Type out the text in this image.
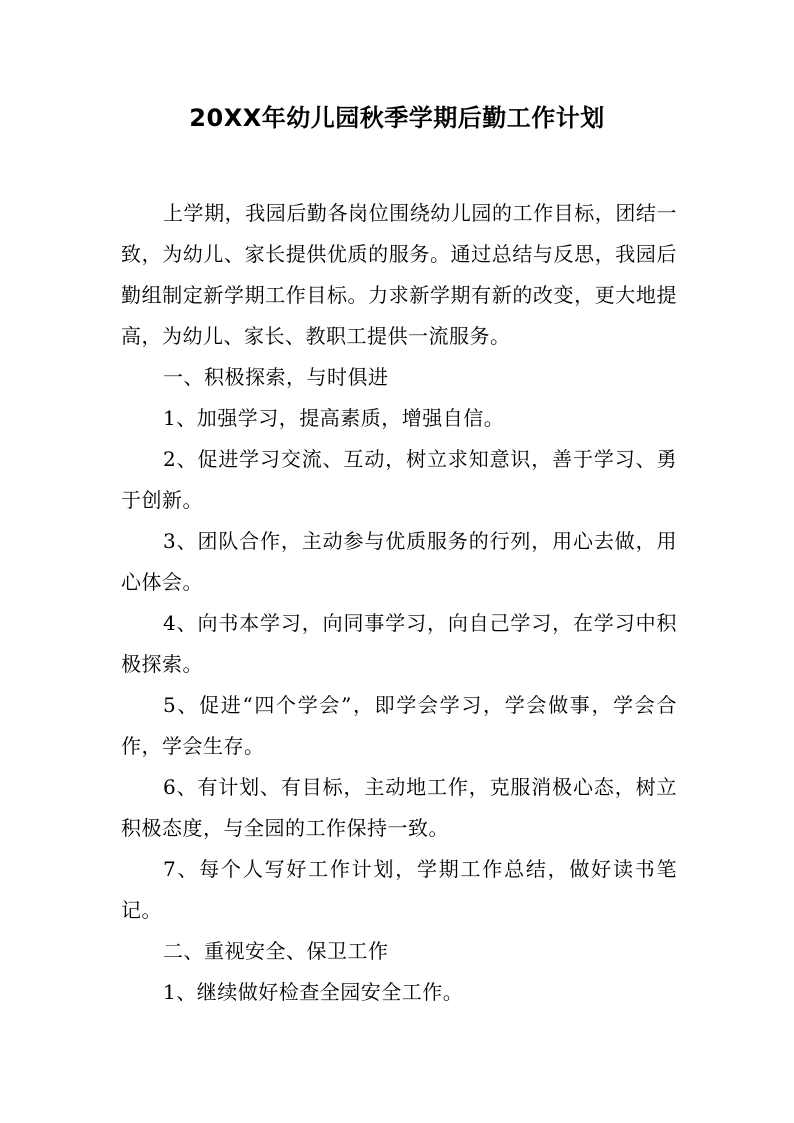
20XX年幼儿园秋季学期后勤工作计划

上学期，我园后勤各岗位围绕幼儿园的工作目标，团结一致，为幼儿、家长提供优质的服务。通过总结与反思，我园后勤组制定新学期工作目标。力求新学期有新的改变，更大地提高，为幼儿、家长、教职工提供一流服务。

一、积极探索，与时俱进

1、加强学习，提高素质，增强自信。

2、促进学习交流、互动，树立求知意识，善于学习、勇于创新。

3、团队合作，主动参与优质服务的行列，用心去做，用心体会。

4、向书本学习，向同事学习，向自己学习，在学习中积极探索。

5、促进“四个学会”，即学会学习，学会做事，学会合作，学会生存。

6、有计划、有目标，主动地工作，克服消极心态，树立积极态度，与全园的工作保持一致。

7、每个人写好工作计划，学期工作总结，做好读书笔记。

二、重视安全、保卫工作

1、继续做好检查全园安全工作。
